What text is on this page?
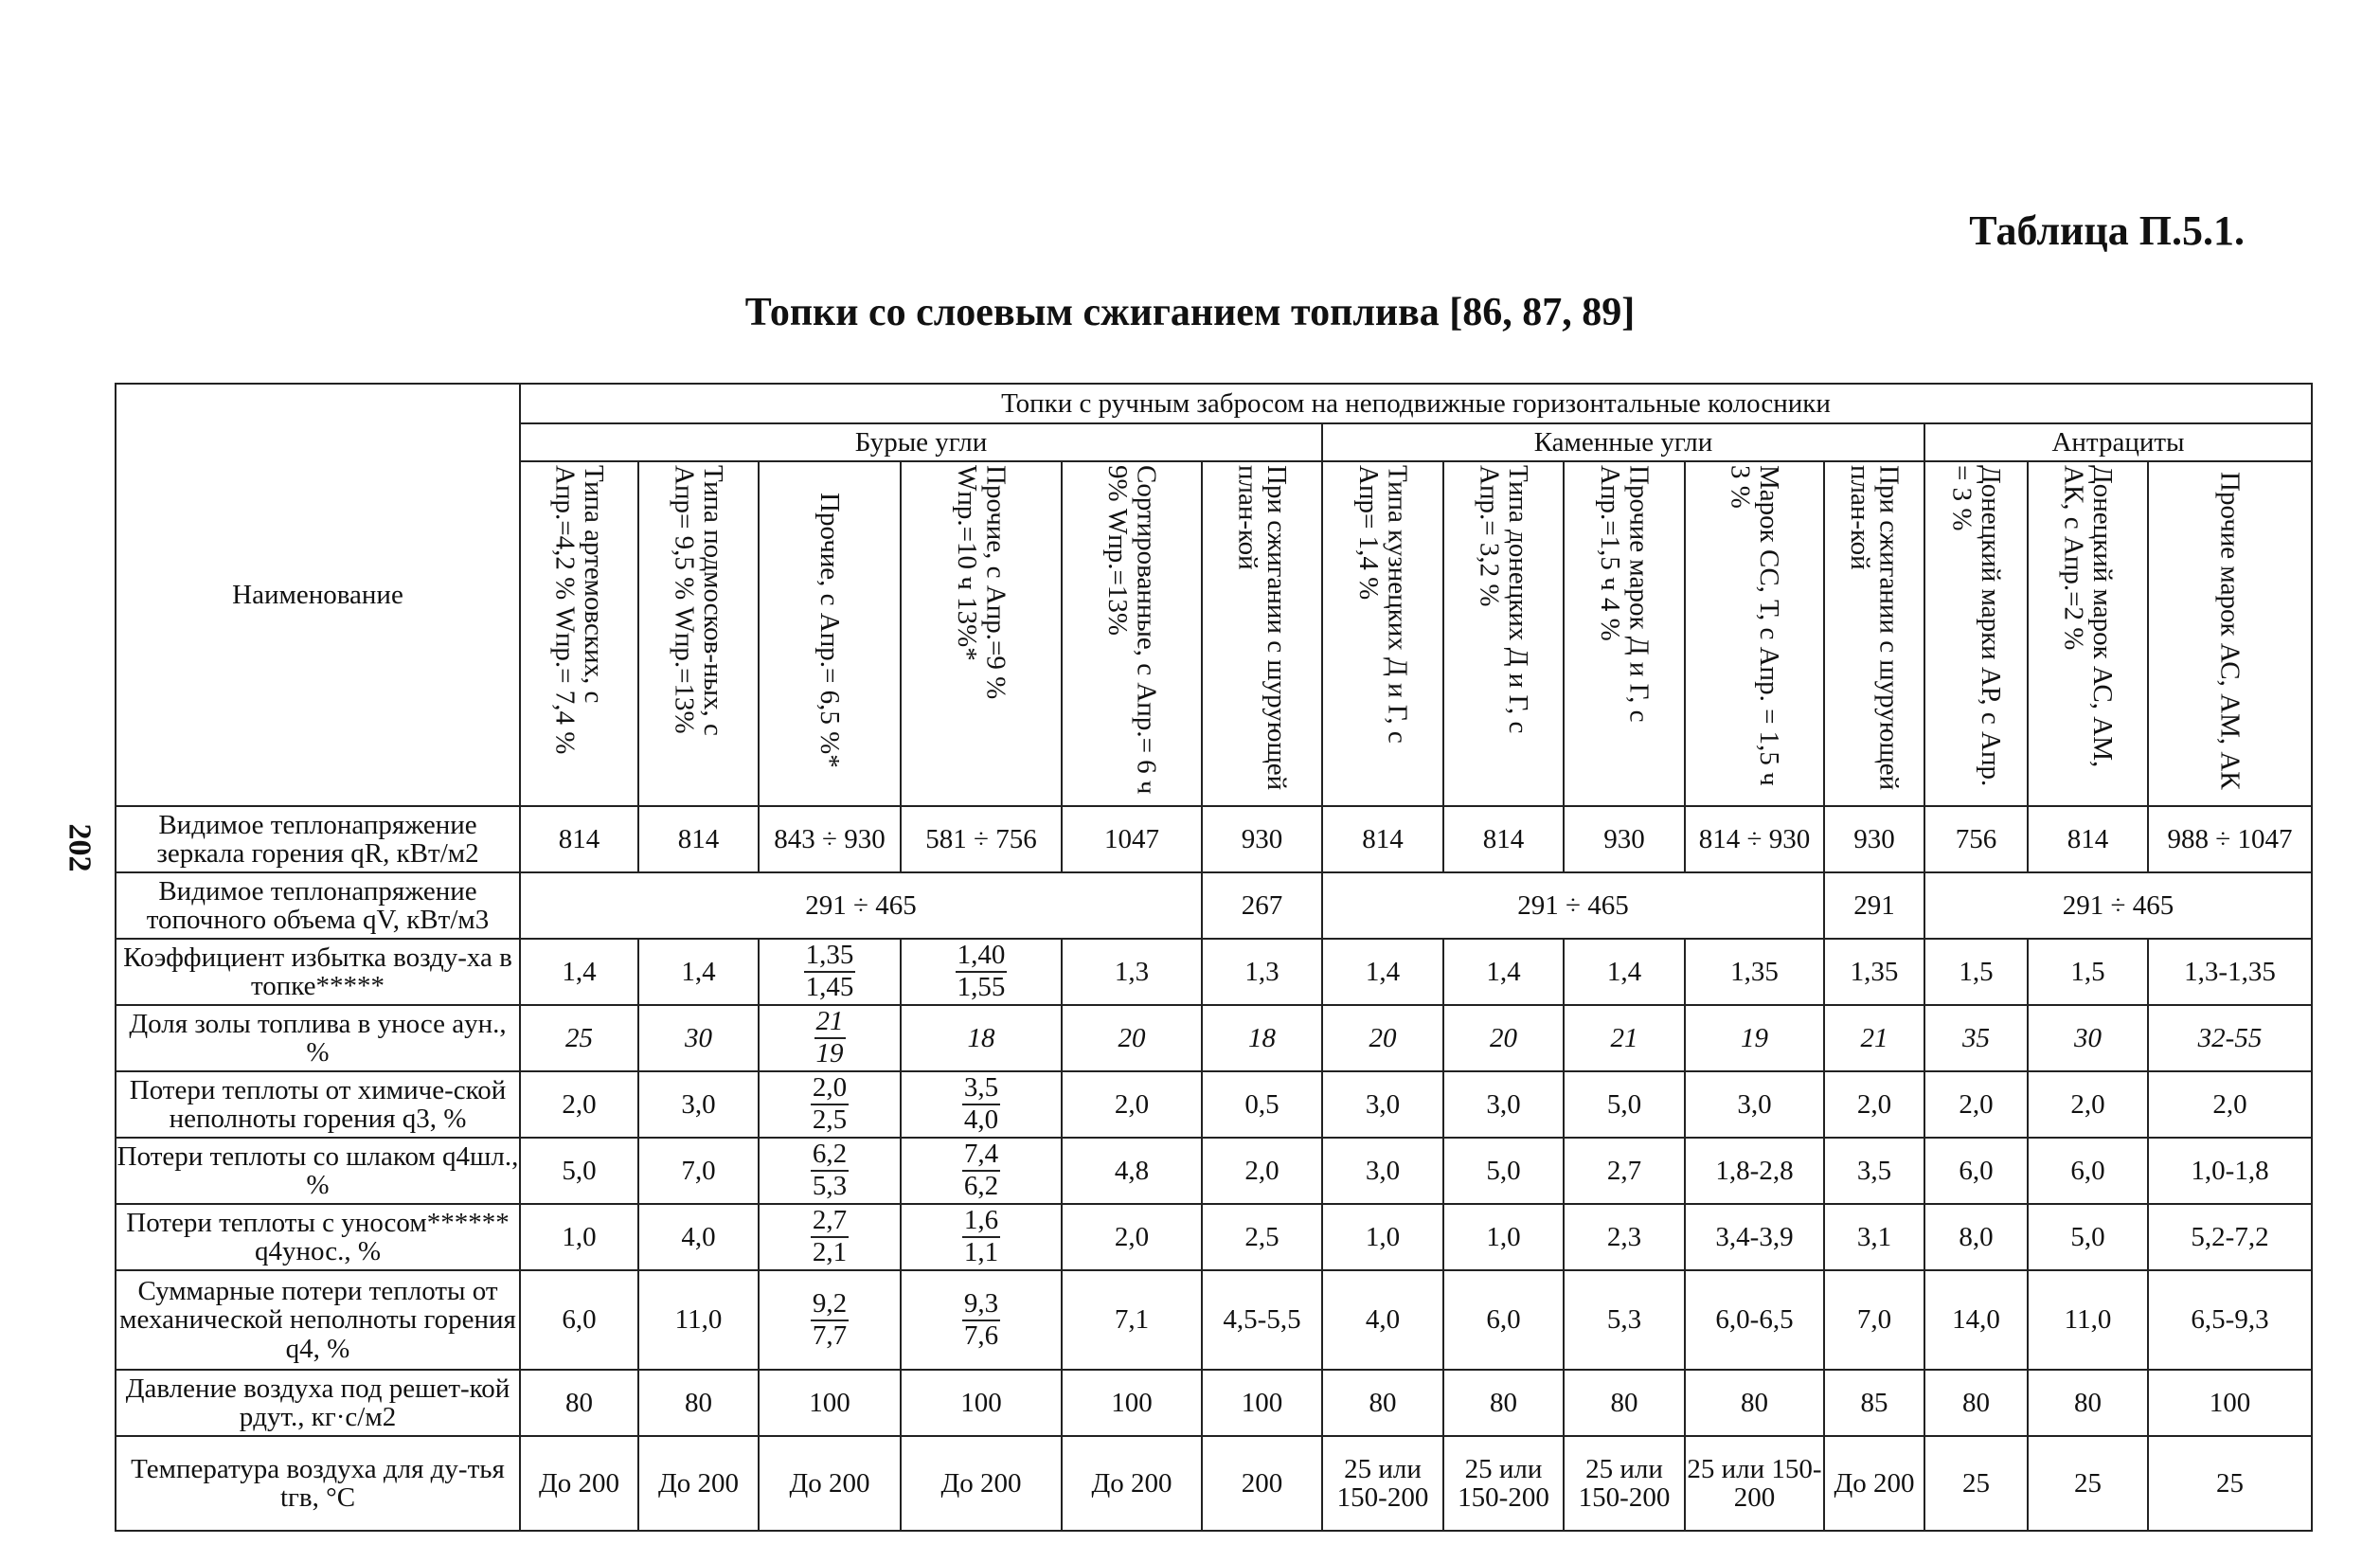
Таблица П.5.1.
Топки со слоевым сжиганием топлива [86, 87, 89]
202
Наименование	Топки с ручным забросом на неподвижные горизонтальные колосники													
	Бурые угли						Каменные угли					Антрациты		
	Типа артемовских, с Aпр.=4,2 % Wпр.= 7,4 %	Типа подмосков-ных, с Aпр= 9,5 % Wпр.=13%	Прочие, с Aпр.= 6,5 %*	Прочие, с Aпр.=9 % Wпр.=10 ч 13%*	Сортированные, с Aпр.= 6 ч 9% Wпр.=13%	При сжигании с шурующей план-кой	Типа кузнецких Д и Г, с Aпр= 1,4 %	Типа донецких Д и Г, с Aпр.= 3,2 %	Прочие марок Д и Г, с Aпр.=1,5 ч 4 %	Марок СС, Т, с Aпр. = 1,5 ч 3 %	При сжигании с шурующей план-кой	Донецкий марки АР, с Aпр. = 3 %	Донецкий марок АС, АМ, АК, с Aпр.=2 %	Прочие марок АС, АМ, АК
Видимое теплонапряжение зеркала горения qR, кВт/м2	814	814	843 ÷ 930	581 ÷ 756	1047	930	814	814	930	814 ÷ 930	930	756	814	988 ÷ 1047
Видимое теплонапряжение топочного объема qV, кВт/м3	291 ÷ 465					267	291 ÷ 465				291	291 ÷ 465		
Коэффициент избытка возду-ха в топке*****	1,4	1,4	$\frac{1,35}{1,45}$	$\frac{1,40}{1,55}$	1,3	1,3	1,4	1,4	1,4	1,35	1,35	1,5	1,5	1,3-1,35
Доля золы топлива в уносе aун., %	25	30	$\frac{21}{19}$	18	20	18	20	20	21	19	21	35	30	32-55
Потери теплоты от химиче-ской неполноты горения q3, %	2,0	3,0	$\frac{2,0}{2,5}$	$\frac{3,5}{4,0}$	2,0	0,5	3,0	3,0	5,0	3,0	2,0	2,0	2,0	2,0
Потери теплоты со шлаком q4шл., %	5,0	7,0	$\frac{6,2}{5,3}$	$\frac{7,4}{6,2}$	4,8	2,0	3,0	5,0	2,7	1,8-2,8	3,5	6,0	6,0	1,0-1,8
Потери теплоты с уносом****** q4унос., %	1,0	4,0	$\frac{2,7}{2,1}$	$\frac{1,6}{1,1}$	2,0	2,5	1,0	1,0	2,3	3,4-3,9	3,1	8,0	5,0	5,2-7,2
Суммарные потери теплоты от механической неполноты горения q4, %	6,0	11,0	$\frac{9,2}{7,7}$	$\frac{9,3}{7,6}$	7,1	4,5-5,5	4,0	6,0	5,3	6,0-6,5	7,0	14,0	11,0	6,5-9,3
Давление воздуха под решет-кой pдут., кг·с/м2	80	80	100	100	100	100	80	80	80	80	85	80	80	100
Температура воздуха для ду-тья tгв, °С	До 200	До 200	До 200	До 200	До 200	200	25 или 150-200	25 или 150-200	25 или 150-200	25 или 150-200	До 200	25	25	25
